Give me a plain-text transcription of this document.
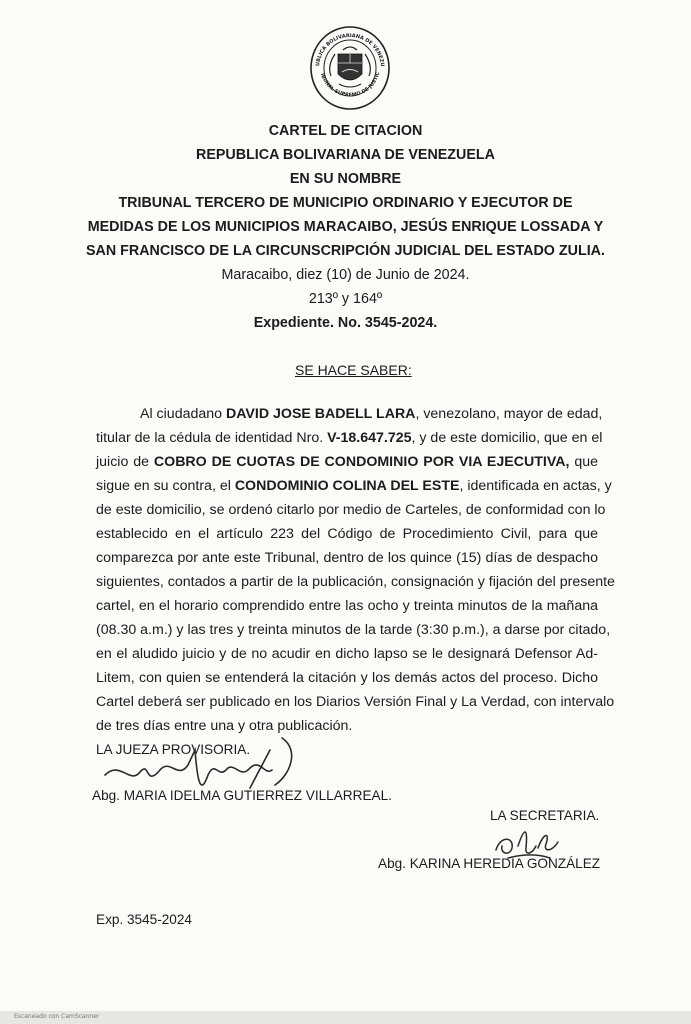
UBLICA BOLIVARIANA DE VENEZU
IBUNAL SUPREMO DE JUSTIC
CARTEL DE CITACION
REPUBLICA BOLIVARIANA DE VENEZUELA
EN SU NOMBRE
TRIBUNAL TERCERO DE MUNICIPIO ORDINARIO Y EJECUTOR DE
MEDIDAS DE LOS MUNICIPIOS MARACAIBO, JESÚS ENRIQUE LOSSADA Y
SAN FRANCISCO DE LA CIRCUNSCRIPCIÓN JUDICIAL DEL ESTADO ZULIA.
Maracaibo, diez (10) de Junio de 2024.
213º y 164º
Expediente. No. 3545-2024.
SE HACE SABER:
Al ciudadano DAVID JOSE BADELL LARA, venezolano, mayor de edad,
titular de la cédula de identidad Nro. V-18.647.725, y de este domicilio, que en el
juicio de COBRO DE CUOTAS DE CONDOMINIO POR VIA EJECUTIVA, que
sigue en su contra, el CONDOMINIO COLINA DEL ESTE, identificada en actas, y
de este domicilio, se ordenó citarlo por medio de Carteles, de conformidad con lo
establecido en el artículo 223 del Código de Procedimiento Civil, para que
comparezca por ante este Tribunal, dentro de los quince (15) días de despacho
siguientes, contados a partir de la publicación, consignación y fijación del presente
cartel, en el horario comprendido entre las ocho y treinta minutos de la mañana
(08.30 a.m.) y las tres y treinta minutos de la tarde (3:30 p.m.), a darse por citado,
en el aludido juicio y de no acudir en dicho lapso se le designará Defensor Ad-
Litem, con quien se entenderá la citación y los demás actos del proceso. Dicho
Cartel deberá ser publicado en los Diarios Versión Final y La Verdad, con intervalo
de tres días entre una y otra publicación.
LA JUEZA PROVISORIA.
Abg. MARIA IDELMA GUTIERREZ VILLARREAL.
LA SECRETARIA.
Abg. KARINA HEREDIA GONZÁLEZ
Exp. 3545-2024
Escaneado con CamScanner
